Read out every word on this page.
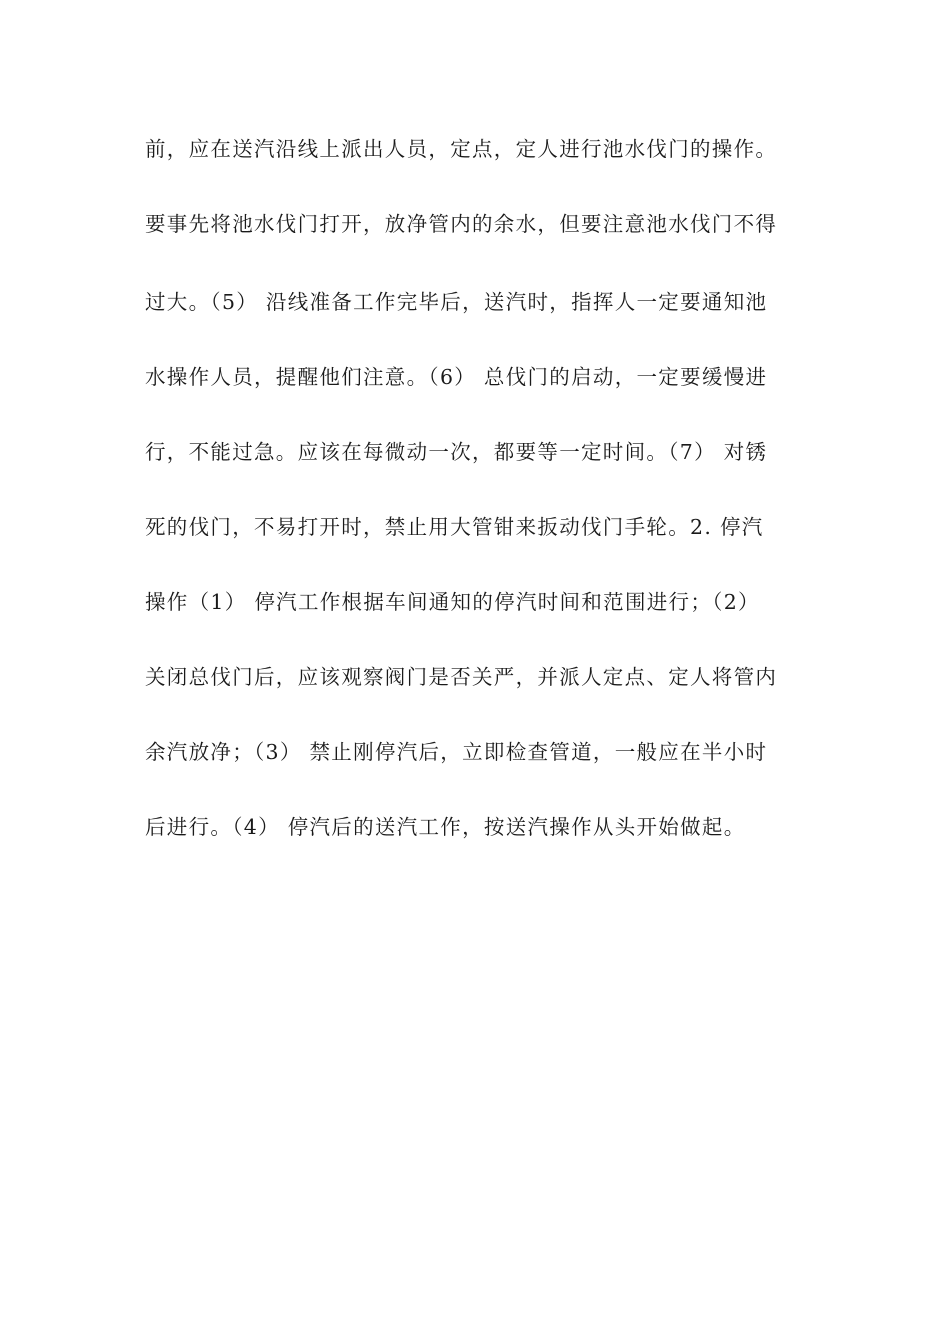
前，应在送汽沿线上派出人员，定点，定人进行池水伐门的操作。
要事先将池水伐门打开，放净管内的余水，但要注意池水伐门不得
过大。（5） 沿线准备工作完毕后，送汽时，指挥人一定要通知池
水操作人员，提醒他们注意。（6） 总伐门的启动，一定要缓慢进
行，不能过急。应该在每微动一次，都要等一定时间。（7） 对锈
死的伐门，不易打开时，禁止用大管钳来扳动伐门手轮。2. 停汽
操作（1） 停汽工作根据车间通知的停汽时间和范围进行；（2）
关闭总伐门后，应该观察阀门是否关严，并派人定点、定人将管内
余汽放净；（3） 禁止刚停汽后，立即检查管道，一般应在半小时
后进行。（4） 停汽后的送汽工作，按送汽操作从头开始做起。
